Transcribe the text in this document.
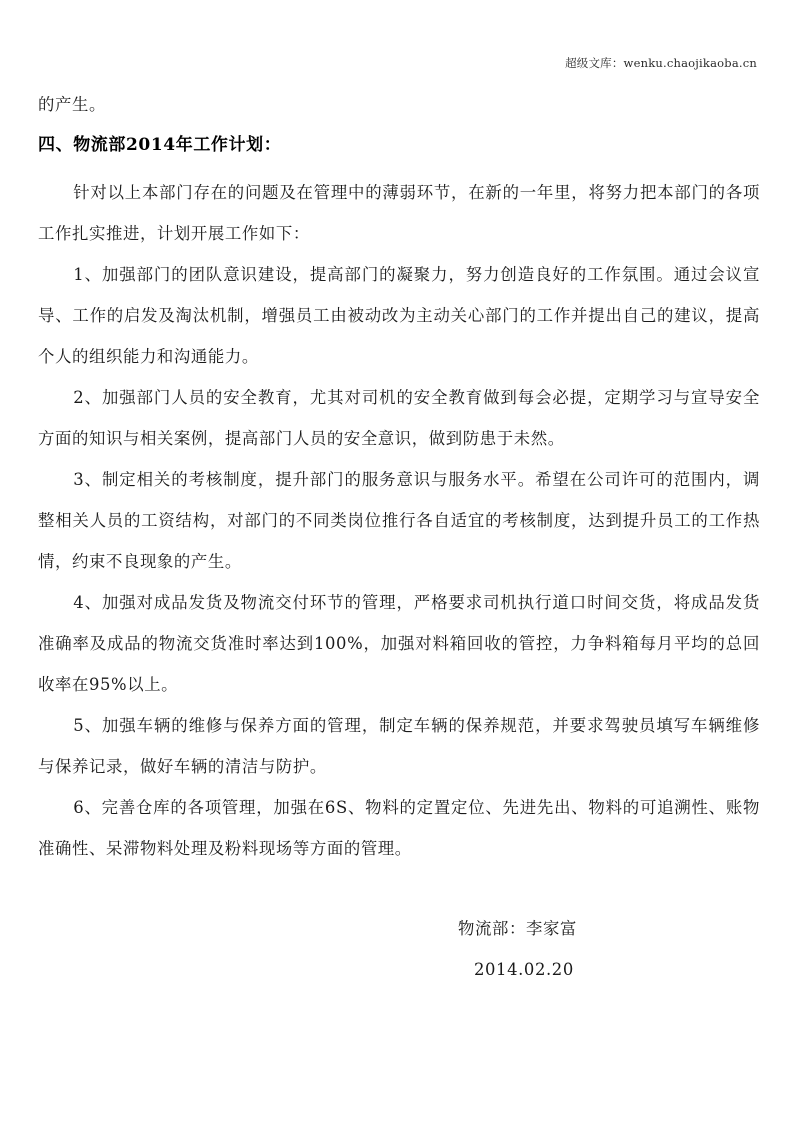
超级文库：wenku.chaojikaoba.cn

的产生。

四、物流部2014年工作计划：

针对以上本部门存在的问题及在管理中的薄弱环节，在新的一年里，将努力把本部门的各项工作扎实推进，计划开展工作如下：

1、加强部门的团队意识建设，提高部门的凝聚力，努力创造良好的工作氛围。通过会议宣导、工作的启发及淘汰机制，增强员工由被动改为主动关心部门的工作并提出自己的建议，提高个人的组织能力和沟通能力。

2、加强部门人员的安全教育，尤其对司机的安全教育做到每会必提，定期学习与宣导安全方面的知识与相关案例，提高部门人员的安全意识，做到防患于未然。

3、制定相关的考核制度，提升部门的服务意识与服务水平。希望在公司许可的范围内，调整相关人员的工资结构，对部门的不同类岗位推行各自适宜的考核制度，达到提升员工的工作热情，约束不良现象的产生。

4、加强对成品发货及物流交付环节的管理，严格要求司机执行道口时间交货，将成品发货准确率及成品的物流交货准时率达到100%，加强对料箱回收的管控，力争料箱每月平均的总回收率在95%以上。

5、加强车辆的维修与保养方面的管理，制定车辆的保养规范，并要求驾驶员填写车辆维修与保养记录，做好车辆的清洁与防护。

6、完善仓库的各项管理，加强在6S、物料的定置定位、先进先出、物料的可追溯性、账物准确性、呆滞物料处理及粉料现场等方面的管理。

物流部：李家富

2014.02.20
